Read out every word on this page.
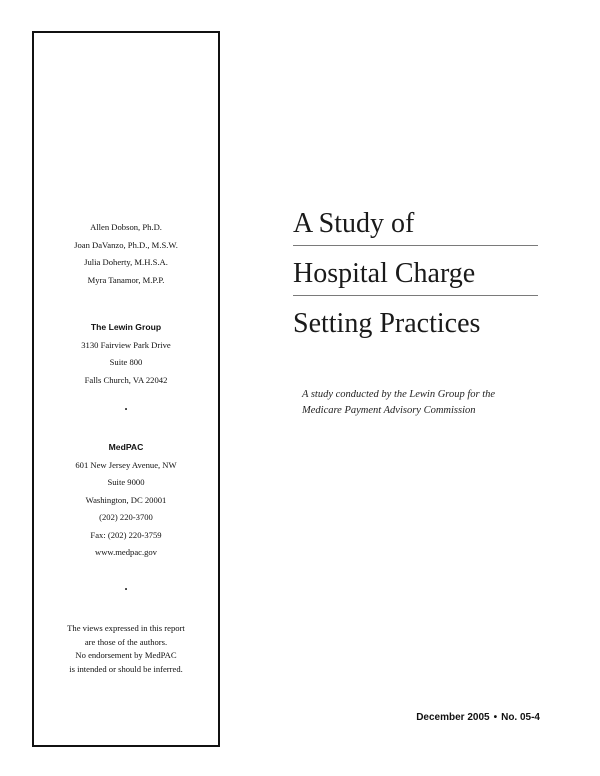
Allen Dobson, Ph.D.
Joan DaVanzo, Ph.D., M.S.W.
Julia Doherty, M.H.S.A.
Myra Tanamor, M.P.P.
The Lewin Group
3130 Fairview Park Drive
Suite 800
Falls Church, VA 22042
•
MedPAC
601 New Jersey Avenue, NW
Suite 9000
Washington, DC 20001
(202) 220-3700
Fax: (202) 220-3759
www.medpac.gov
•
The views expressed in this report
are those of the authors.
No endorsement by MedPAC
is intended or should be inferred.
A Study of
Hospital Charge
Setting Practices
A study conducted by the Lewin Group for the
Medicare Payment Advisory Commission
December 2005 • No. 05-4
